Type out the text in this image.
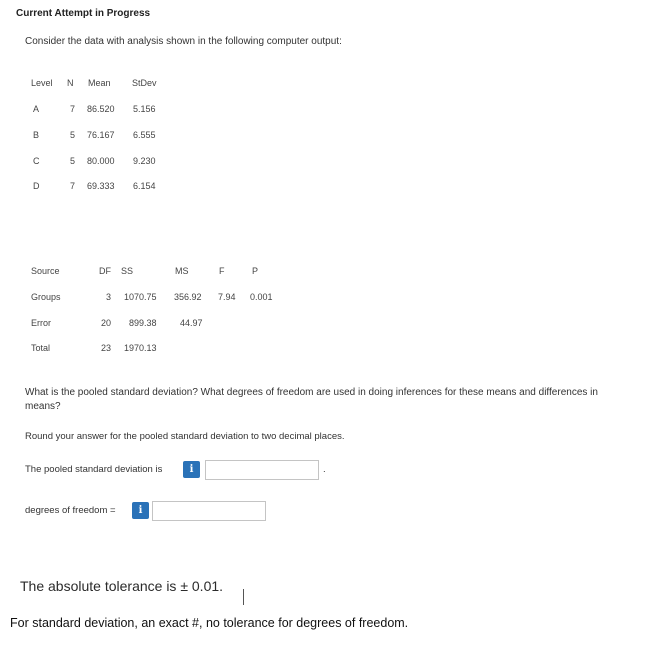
Current Attempt in Progress
Consider the data with analysis shown in the following computer output:
Level N Mean StDev
A	7 86.520 5.156
B	5 76.167 6.555
C	5 80.000 9.230
D	7 69.333 6.154
Source	DF SS	MS	F	P
Groups	3 1070.75 356.92 7.94 0.001
Error	20 899.38	44.97
Total	23 1970.13
What is the pooled standard deviation? What degrees of freedom are used in doing inferences for these means and differences in means?
Round your answer for the pooled standard deviation to two decimal places.
The pooled standard deviation is	i	.
degrees of freedom =	i
The absolute tolerance is ± 0.01.
For standard deviation, an exact #, no tolerance for degrees of freedom.
